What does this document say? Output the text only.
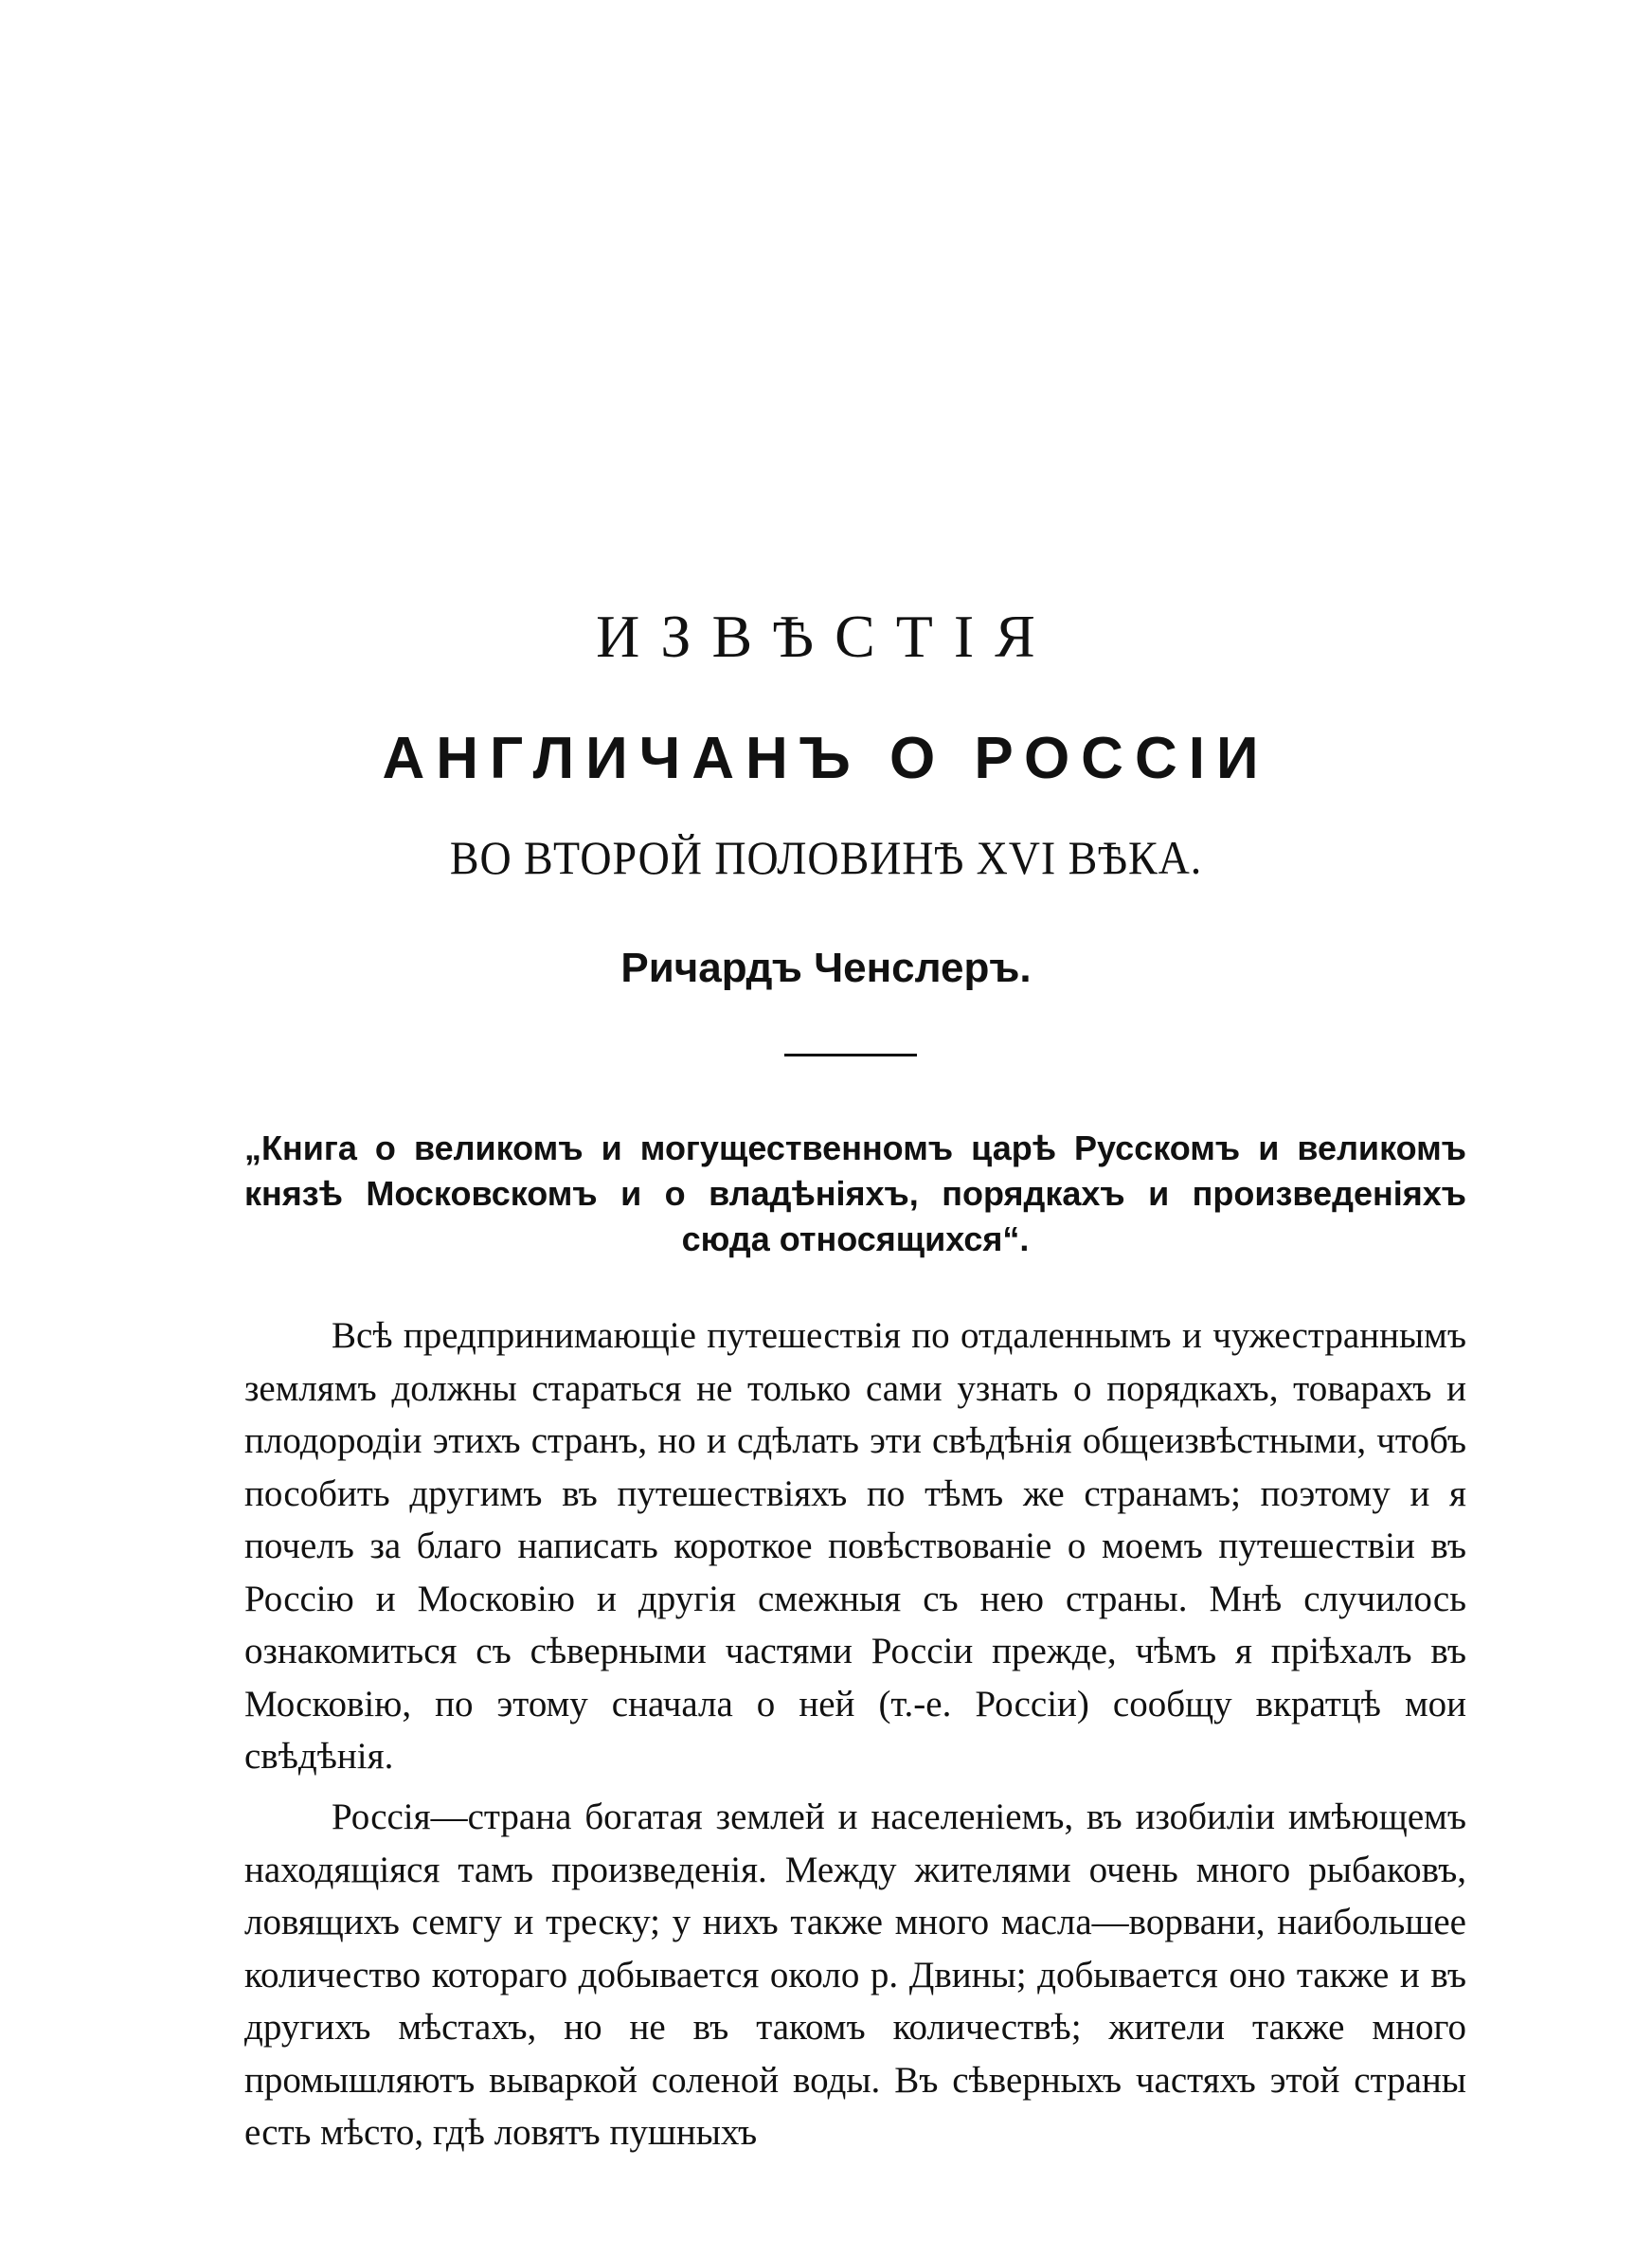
ИЗВѢСТІЯ
АНГЛИЧАНЪ О РОССІИ
ВО ВТОРОЙ ПОЛОВИНѢ XVI ВѢКА.
Ричардъ Ченслеръ.
„Книга о великомъ и могущественномъ царѣ Русскомъ и великомъ князѣ Московскомъ и о владѣніяхъ, порядкахъ и произведеніяхъ сюда относящихся“.

Всѣ предпринимающіе путешествія по отдаленнымъ и чужестраннымъ землямъ должны стараться не только сами узнать о порядкахъ, товарахъ и плодородіи этихъ странъ, но и сдѣлать эти свѣдѣнія общеизвѣстными, чтобъ пособить другимъ въ путешествіяхъ по тѣмъ же странамъ; поэтому и я почелъ за благо написать короткое повѣствованіе о моемъ путешествіи въ Россію и Московію и другія смежныя съ нею страны. Мнѣ случилось ознакомиться съ сѣверными частями Россіи прежде, чѣмъ я пріѣхалъ въ Московію, по этому сначала о ней (т.-е. Россіи) сообщу вкратцѣ мои свѣдѣнія.

Россія—страна богатая землей и населеніемъ, въ изобиліи имѣющемъ находящіяся тамъ произведенія. Между жителями очень много рыбаковъ, ловящихъ семгу и треску; у нихъ также много масла—ворвани, наибольшее количество котораго добывается около р. Двины; добывается оно также и въ другихъ мѣстахъ, но не въ такомъ количествѣ; жители также много промышляютъ вываркой соленой воды. Въ сѣверныхъ частяхъ этой страны есть мѣсто, гдѣ ловятъ пушныхъ
